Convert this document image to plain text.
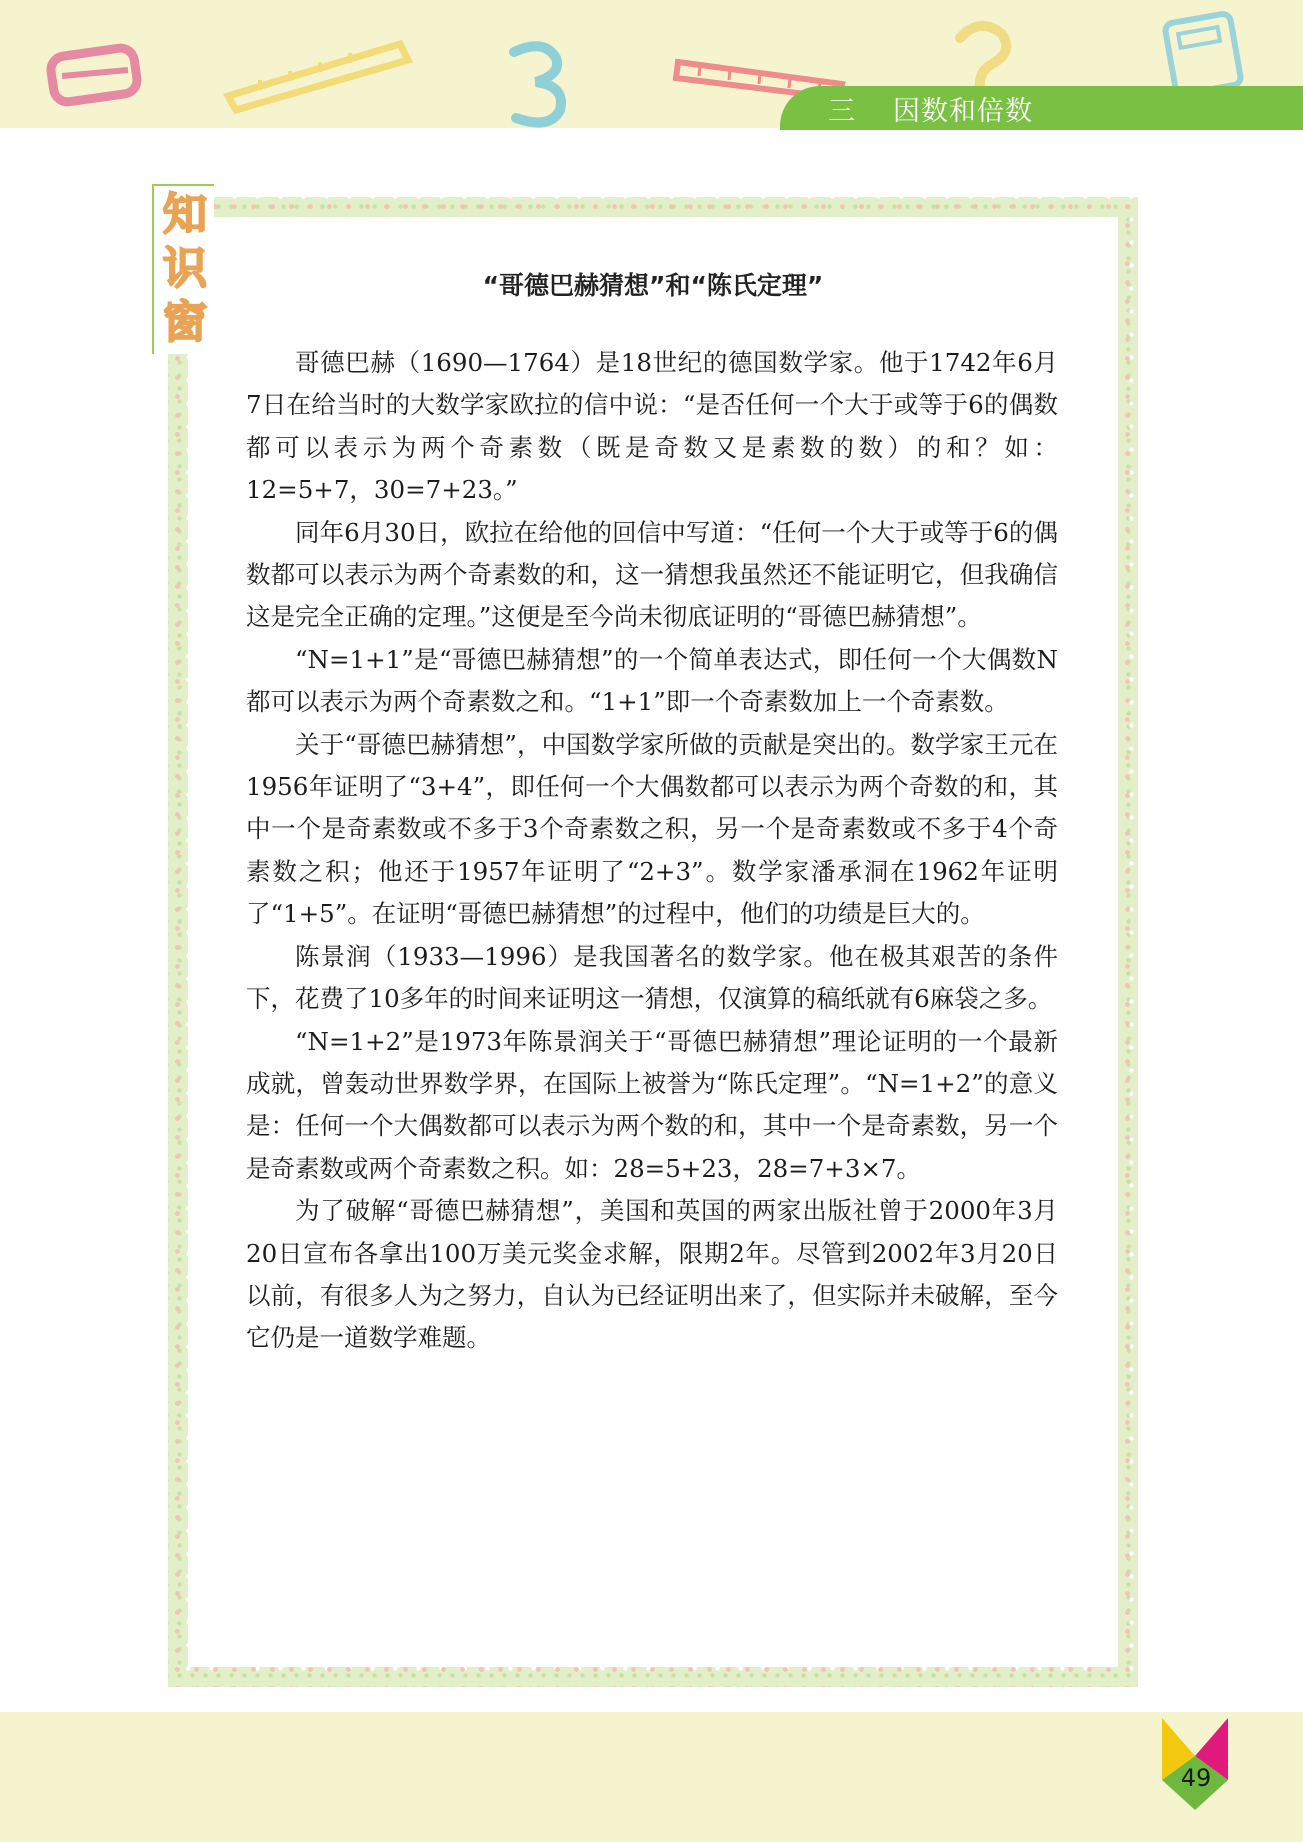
三 因数和倍数
知
识
窗
“哥德巴赫猜想”和“陈氏定理”

哥德巴赫（1690—1764）是18世纪的德国数学家。他于1742年6月7日在给当时的大数学家欧拉的信中说：“是否任何一个大于或等于6的偶数都可以表示为两个奇素数（既是奇数又是素数的数）的和？如：12=5+7，30=7+23。”

同年6月30日，欧拉在给他的回信中写道：“任何一个大于或等于6的偶数都可以表示为两个奇素数的和，这一猜想我虽然还不能证明它，但我确信这是完全正确的定理。”这便是至今尚未彻底证明的“哥德巴赫猜想”。

“N=1+1”是“哥德巴赫猜想”的一个简单表达式，即任何一个大偶数N都可以表示为两个奇素数之和。“1+1”即一个奇素数加上一个奇素数。

关于“哥德巴赫猜想”，中国数学家所做的贡献是突出的。数学家王元在1956年证明了“3+4”，即任何一个大偶数都可以表示为两个奇数的和，其中一个是奇素数或不多于3个奇素数之积，另一个是奇素数或不多于4个奇素数之积；他还于1957年证明了“2+3”。数学家潘承洞在1962年证明了“1+5”。在证明“哥德巴赫猜想”的过程中，他们的功绩是巨大的。

陈景润（1933—1996）是我国著名的数学家。他在极其艰苦的条件下，花费了10多年的时间来证明这一猜想，仅演算的稿纸就有6麻袋之多。

“N=1+2”是1973年陈景润关于“哥德巴赫猜想”理论证明的一个最新成就，曾轰动世界数学界，在国际上被誉为“陈氏定理”。“N=1+2”的意义是：任何一个大偶数都可以表示为两个数的和，其中一个是奇素数，另一个是奇素数或两个奇素数之积。如：28=5+23，28=7+3×7。

为了破解“哥德巴赫猜想”，美国和英国的两家出版社曾于2000年3月20日宣布各拿出100万美元奖金求解，限期2年。尽管到2002年3月20日以前，有很多人为之努力，自认为已经证明出来了，但实际并未破解，至今它仍是一道数学难题。

49
